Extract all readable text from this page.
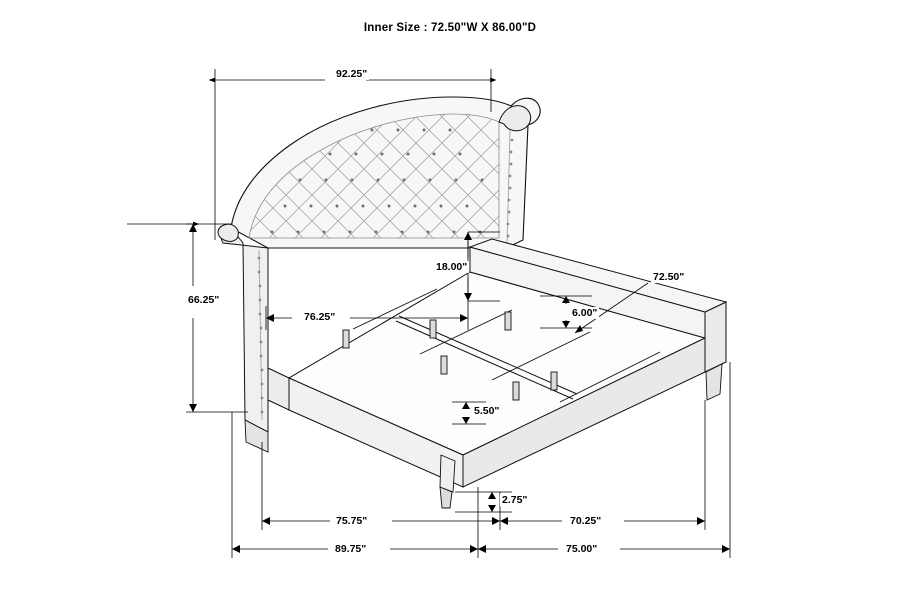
Inner Size : 72.50"W X 86.00"D
92.25"
66.25"
76.25"
18.00"
6.00"
72.50"
5.50"
2.75"
75.75"	70.25"
89.75"	75.00"
